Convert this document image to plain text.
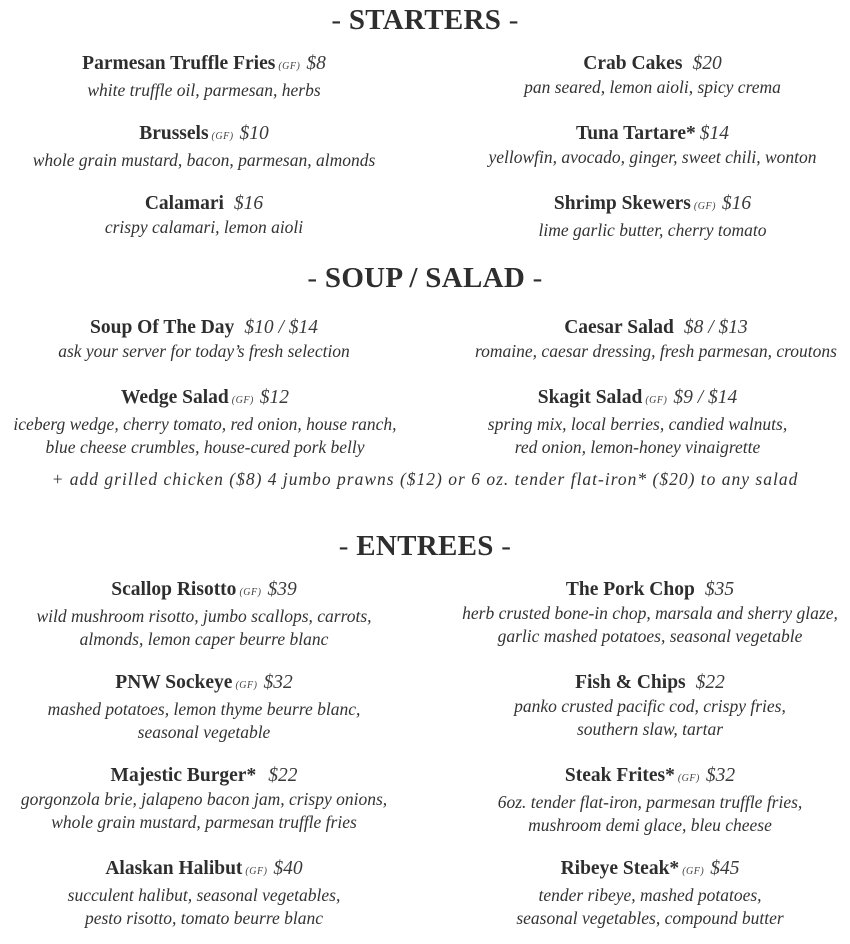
- STARTERS -
Parmesan Truffle Fries (GF) $8
white truffle oil, parmesan, herbs
Crab Cakes $20
pan seared, lemon aioli, spicy crema
Brussels (GF) $10
whole grain mustard, bacon, parmesan, almonds
Tuna Tartare* $14
yellowfin, avocado, ginger, sweet chili, wonton
Calamari $16
crispy calamari, lemon aioli
Shrimp Skewers (GF) $16
lime garlic butter, cherry tomato
- SOUP / SALAD -
Soup Of The Day $10 / $14
ask your server for today’s fresh selection
Caesar Salad $8 / $13
romaine, caesar dressing, fresh parmesan, croutons
Wedge Salad (GF) $12
iceberg wedge, cherry tomato, red onion, house ranch,
blue cheese crumbles, house-cured pork belly
Skagit Salad (GF) $9 / $14
spring mix, local berries, candied walnuts,
red onion, lemon-honey vinaigrette
+ add grilled chicken ($8) 4 jumbo prawns ($12) or 6 oz. tender flat-iron* ($20) to any salad
- ENTREES -
Scallop Risotto (GF) $39
wild mushroom risotto, jumbo scallops, carrots,
almonds, lemon caper beurre blanc
The Pork Chop $35
herb crusted bone-in chop, marsala and sherry glaze,
garlic mashed potatoes, seasonal vegetable
PNW Sockeye (GF) $32
mashed potatoes, lemon thyme beurre blanc,
seasonal vegetable
Fish & Chips $22
panko crusted pacific cod, crispy fries,
southern slaw, tartar
Majestic Burger* $22
gorgonzola brie, jalapeno bacon jam, crispy onions,
whole grain mustard, parmesan truffle fries
Steak Frites* (GF) $32
6oz. tender flat-iron, parmesan truffle fries,
mushroom demi glace, bleu cheese
Alaskan Halibut (GF) $40
succulent halibut, seasonal vegetables,
pesto risotto, tomato beurre blanc
Ribeye Steak* (GF) $45
tender ribeye, mashed potatoes,
seasonal vegetables, compound butter
